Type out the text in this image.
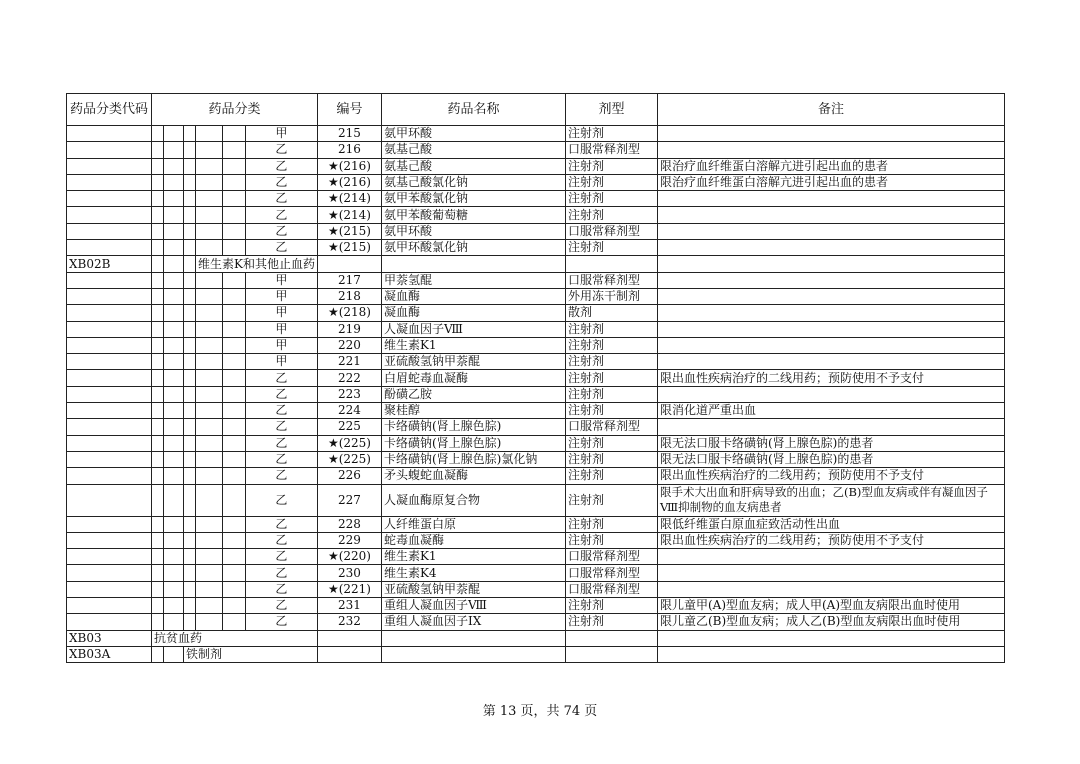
药品分类代码	药品分类						编号	药品名称	剂型	备注
						甲	215	氨甲环酸	注射剂	
						乙	216	氨基己酸	口服常释剂型	
						乙	★(216)	氨基己酸	注射剂	限治疗血纤维蛋白溶解亢进引起出血的患者
						乙	★(216)	氨基己酸氯化钠	注射剂	限治疗血纤维蛋白溶解亢进引起出血的患者
						乙	★(214)	氨甲苯酸氯化钠	注射剂	
						乙	★(214)	氨甲苯酸葡萄糖	注射剂	
						乙	★(215)	氨甲环酸	口服常释剂型	
						乙	★(215)	氨甲环酸氯化钠	注射剂	
XB02B				维生素K和其他止血药						
						甲	217	甲萘氢醌	口服常释剂型	
						甲	218	凝血酶	外用冻干制剂	
						甲	★(218)	凝血酶	散剂	
						甲	219	人凝血因子Ⅷ	注射剂	
						甲	220	维生素K1	注射剂	
						甲	221	亚硫酸氢钠甲萘醌	注射剂	
						乙	222	白眉蛇毒血凝酶	注射剂	限出血性疾病治疗的二线用药；预防使用不予支付
						乙	223	酚磺乙胺	注射剂	
						乙	224	聚桂醇	注射剂	限消化道严重出血
						乙	225	卡络磺钠(肾上腺色腙)	口服常释剂型	
						乙	★(225)	卡络磺钠(肾上腺色腙)	注射剂	限无法口服卡络磺钠(肾上腺色腙)的患者
						乙	★(225)	卡络磺钠(肾上腺色腙)氯化钠	注射剂	限无法口服卡络磺钠(肾上腺色腙)的患者
						乙	226	矛头蝮蛇血凝酶	注射剂	限出血性疾病治疗的二线用药；预防使用不予支付
						乙	227	人凝血酶原复合物	注射剂	限手术大出血和肝病导致的出血；乙(B)型血友病或伴有凝血因子Ⅷ抑制物的血友病患者
						乙	228	人纤维蛋白原	注射剂	限低纤维蛋白原血症致活动性出血
						乙	229	蛇毒血凝酶	注射剂	限出血性疾病治疗的二线用药；预防使用不予支付
						乙	★(220)	维生素K1	口服常释剂型	
						乙	230	维生素K4	口服常释剂型	
						乙	★(221)	亚硫酸氢钠甲萘醌	口服常释剂型	
						乙	231	重组人凝血因子Ⅷ	注射剂	限儿童甲(A)型血友病；成人甲(A)型血友病限出血时使用
						乙	232	重组人凝血因子IX	注射剂	限儿童乙(B)型血友病；成人乙(B)型血友病限出血时使用
XB03	抗贫血药									
XB03A			铁制剂							
第 13 页，共 74 页
